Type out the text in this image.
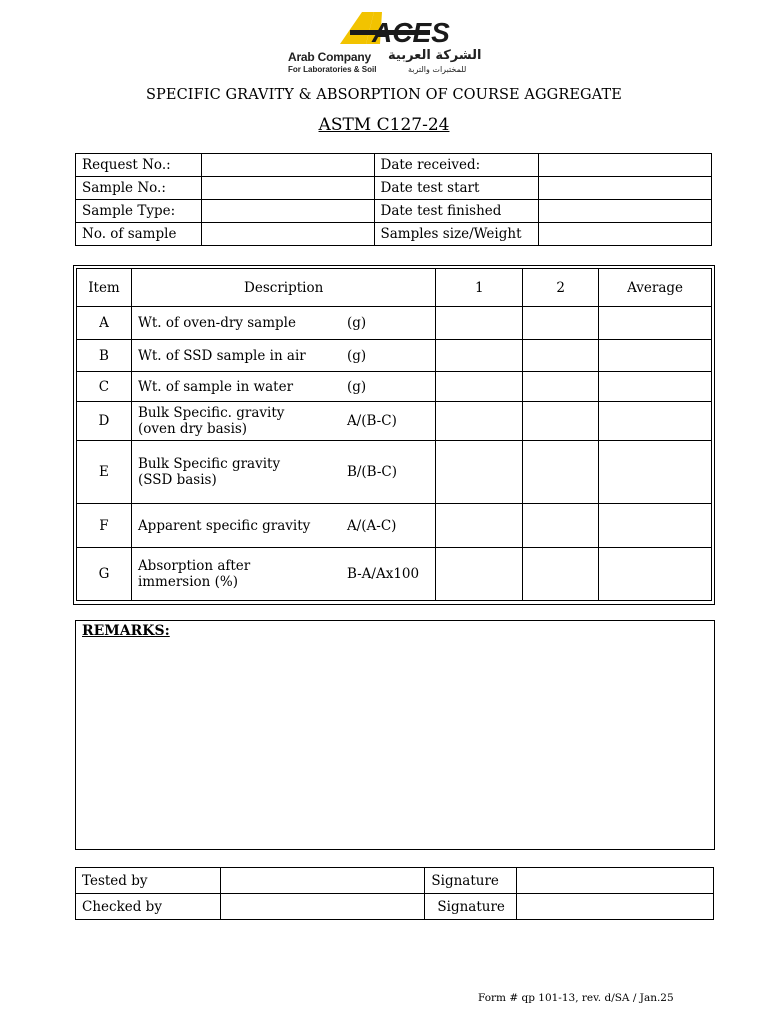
ACES
Arab Company
For Laboratories & Soil
الشركة العربية
للمختبرات والتربة
SPECIFIC GRAVITY & ABSORPTION OF COURSE AGGREGATE
ASTM C127-24
Request No.:		Date received:	
Sample No.:		Date test start	
Sample Type:		Date test finished	
No. of sample		Samples size/Weight	
Item	Description	1	2	Average
A	Wt. of oven-dry sample (g)			

B	Wt. of SSD sample in air (g)			

C	Wt. of sample in water (g)			

D	Bulk Specific. gravity
(oven dry basis) A/(B-C)			

E	Bulk Specific gravity
(SSD basis) B/(B-C)			

F	Apparent specific gravity A/(A-C)			

G	Absorption after
immersion (%) B-A/Ax100			

REMARKS:
Tested by		Signature	
Checked by		Signature	
Form # qp 101-13, rev. d/SA / Jan.25
